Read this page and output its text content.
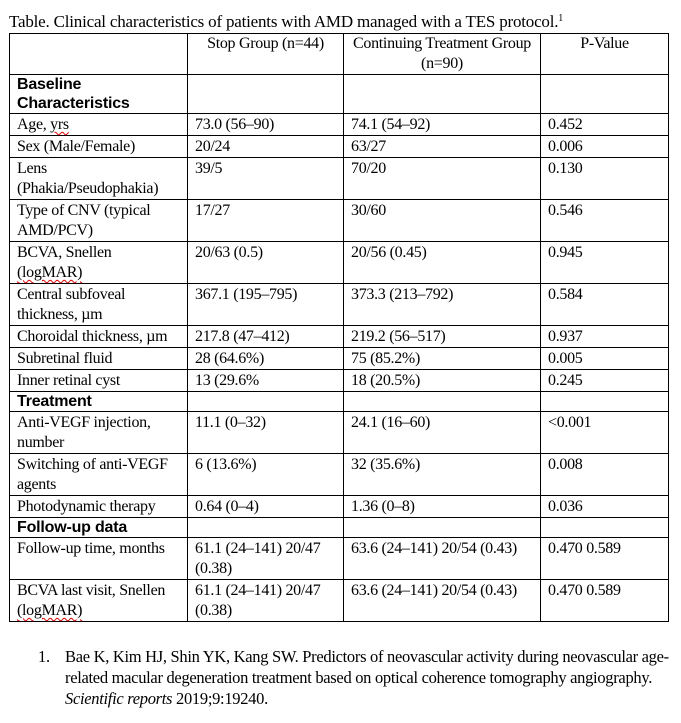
Table. Clinical characteristics of patients with AMD managed with a TES protocol.$^1$
	Stop Group (n=44)	Continuing Treatment Group (n=90)	P-Value
Baseline Characteristics			
Age, yrs	73.0 (56–90)	74.1 (54–92)	0.452
Sex (Male/Female)	20/24	63/27	0.006
Lens (Phakia/Pseudophakia)	39/5	70/20	0.130
Type of CNV (typical AMD/PCV)	17/27	30/60	0.546
BCVA, Snellen (logMAR)	20/63 (0.5)	20/56 (0.45)	0.945
Central subfoveal thickness, µm	367.1 (195–795)	373.3 (213–792)	0.584
Choroidal thickness, µm	217.8 (47–412)	219.2 (56–517)	0.937
Subretinal fluid	28 (64.6%)	75 (85.2%)	0.005
Inner retinal cyst	13 (29.6%	18 (20.5%)	0.245
Treatment			
Anti-VEGF injection, number	11.1 (0–32)	24.1 (16–60)	<0.001
Switching of anti-VEGF agents	6 (13.6%)	32 (35.6%)	0.008
Photodynamic therapy	0.64 (0–4)	1.36 (0–8)	0.036
Follow-up data			
Follow-up time, months	61.1 (24–141) 20/47 (0.38)	63.6 (24–141) 20/54 (0.43)	0.470 0.589
BCVA last visit, Snellen (logMAR)	61.1 (24–141) 20/47 (0.38)	63.6 (24–141) 20/54 (0.43)	0.470 0.589
1. Bae K, Kim HJ, Shin YK, Kang SW. Predictors of neovascular activity during neovascular age-related macular degeneration treatment based on optical coherence tomography angiography. Scientific reports 2019;9:19240.
